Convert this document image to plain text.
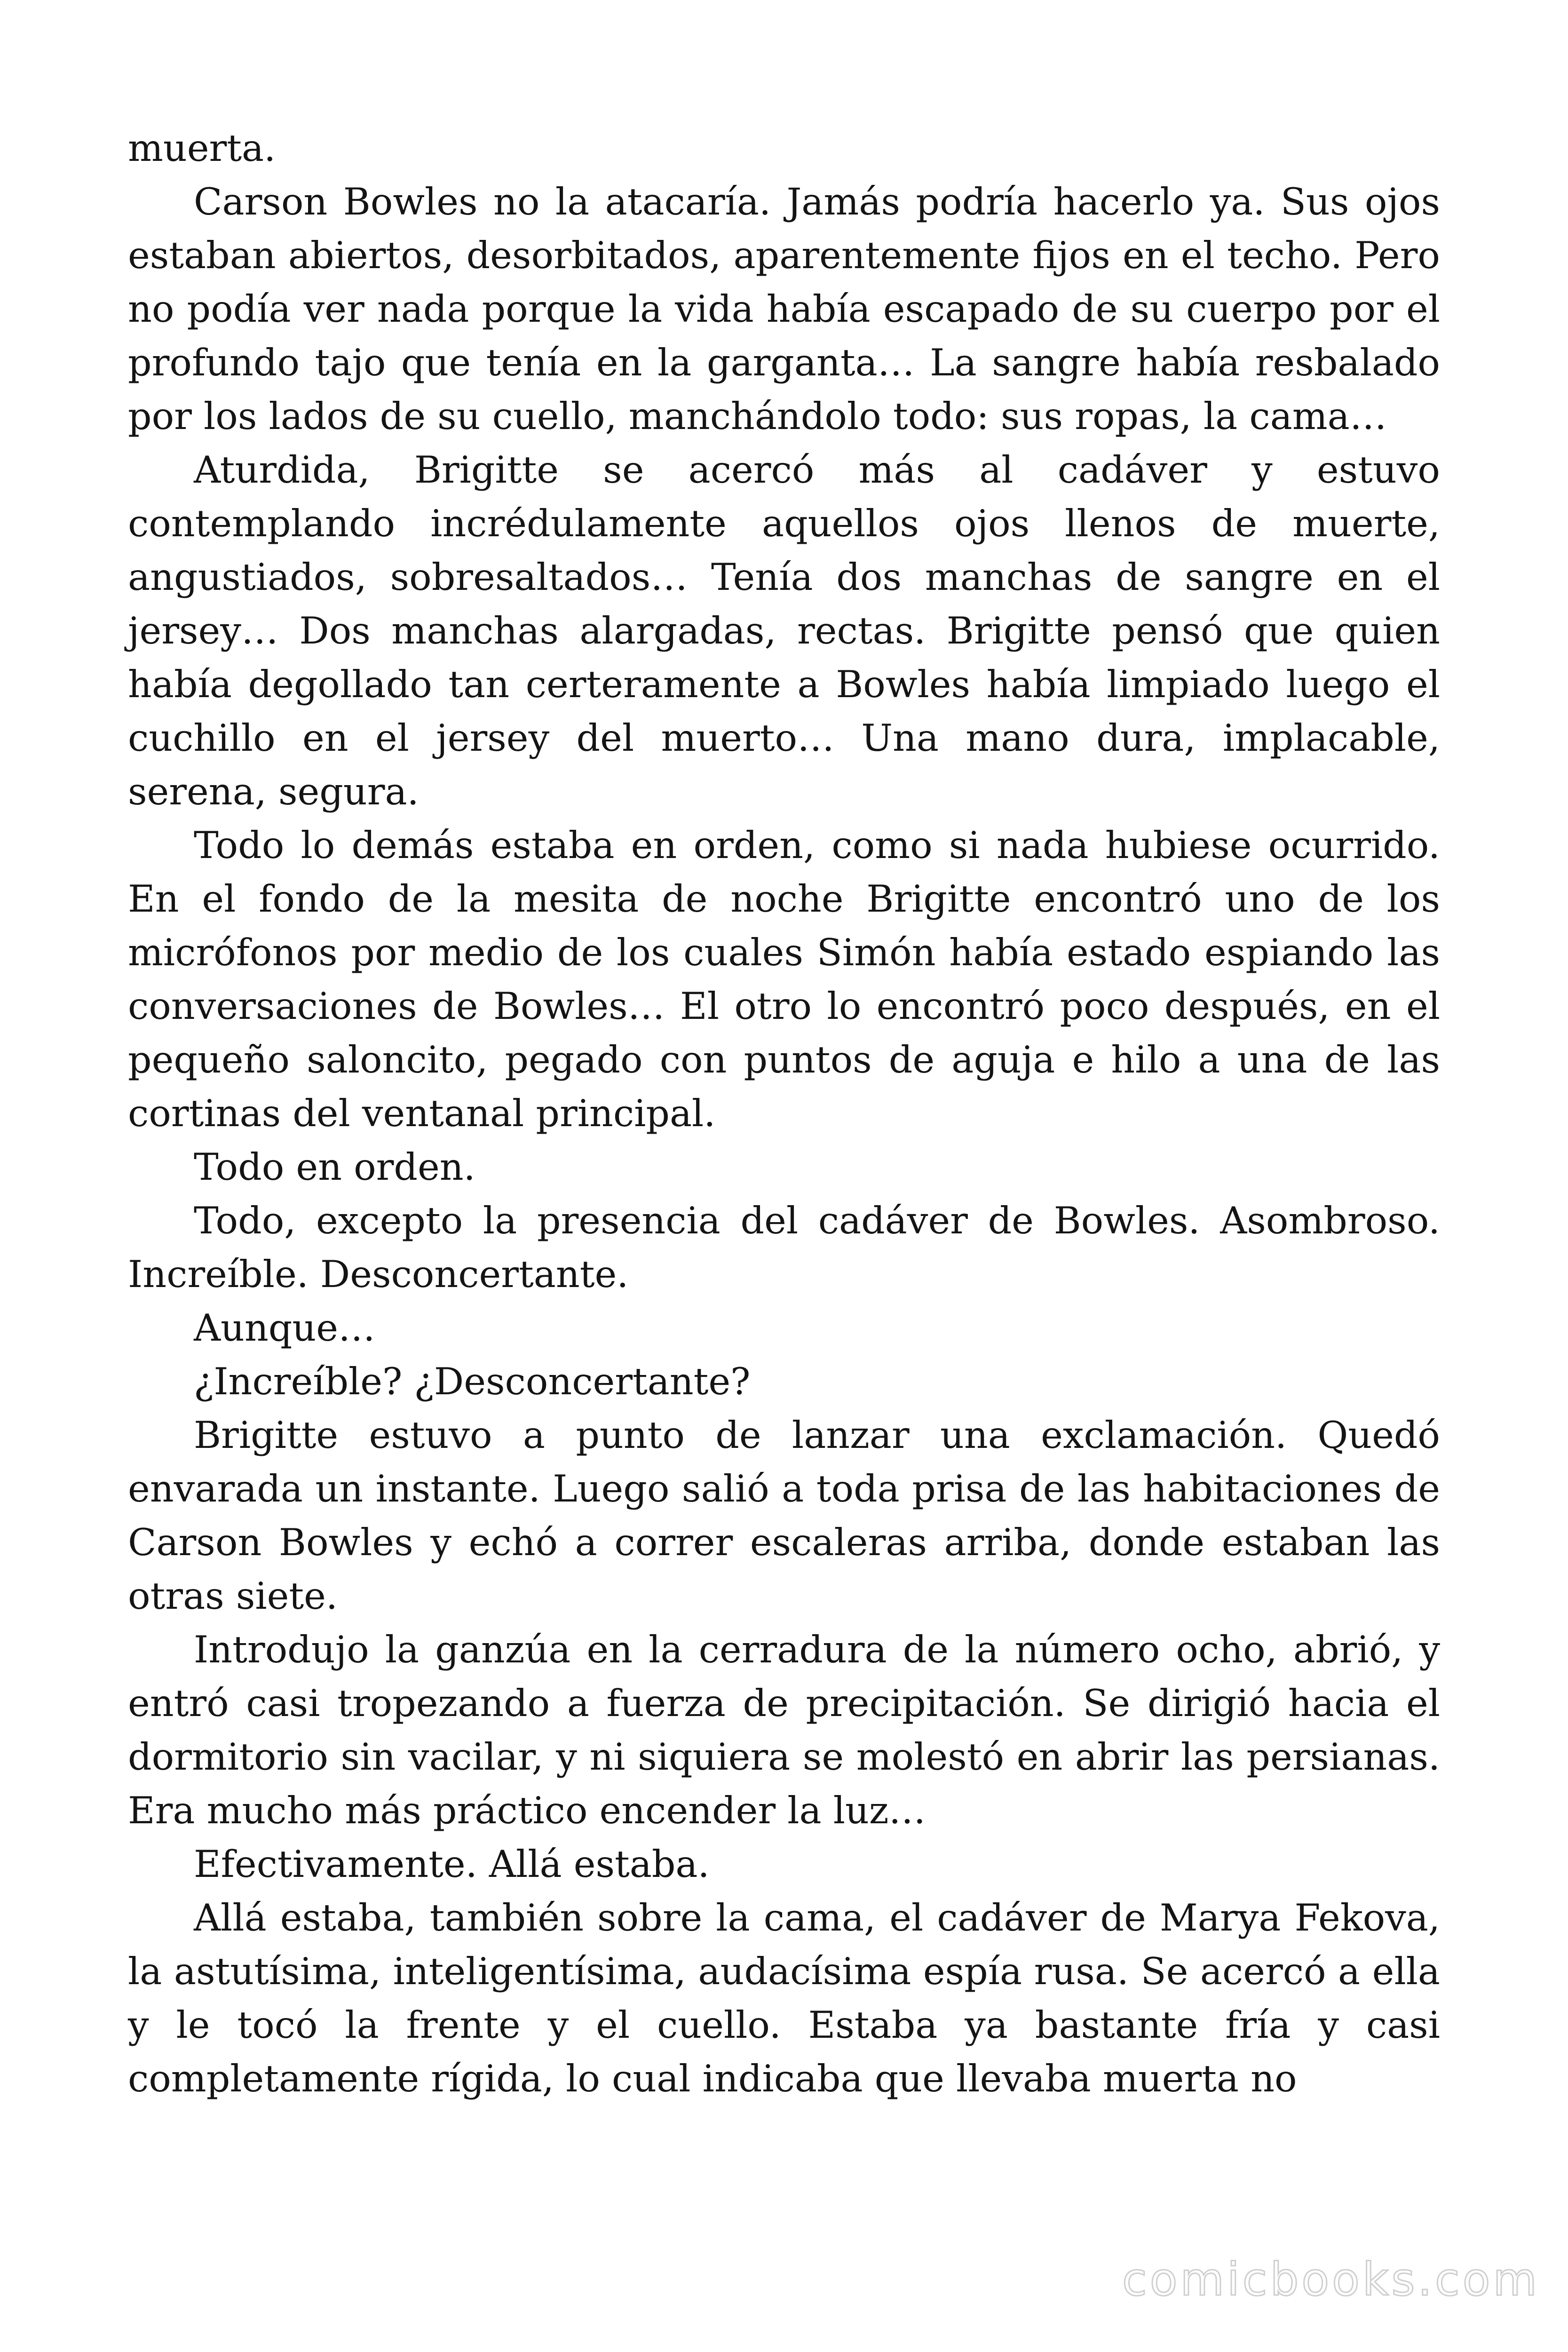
muerta.

Carson Bowles no la atacaría. Jamás podría hacerlo ya. Sus ojos estaban abiertos, desorbitados, aparentemente fijos en el techo. Pero no podía ver nada porque la vida había escapado de su cuerpo por el profundo tajo que tenía en la garganta… La sangre había resbalado por los lados de su cuello, manchándolo todo: sus ropas, la cama…

Aturdida, Brigitte se acercó más al cadáver y estuvo contemplando incrédulamente aquellos ojos llenos de muerte, angustiados, sobresaltados… Tenía dos manchas de sangre en el jersey… Dos manchas alargadas, rectas. Brigitte pensó que quien había degollado tan certeramente a Bowles había limpiado luego el cuchillo en el jersey del muerto… Una mano dura, implacable, serena, segura.

Todo lo demás estaba en orden, como si nada hubiese ocurrido. En el fondo de la mesita de noche Brigitte encontró uno de los micrófonos por medio de los cuales Simón había estado espiando las conversaciones de Bowles… El otro lo encontró poco después, en el pequeño saloncito, pegado con puntos de aguja e hilo a una de las cortinas del ventanal principal.

Todo en orden.

Todo, excepto la presencia del cadáver de Bowles. Asombroso. Increíble. Desconcertante.

Aunque…

¿Increíble? ¿Desconcertante?

Brigitte estuvo a punto de lanzar una exclamación. Quedó envarada un instante. Luego salió a toda prisa de las habitaciones de Carson Bowles y echó a correr escaleras arriba, donde estaban las otras siete.

Introdujo la ganzúa en la cerradura de la número ocho, abrió, y entró casi tropezando a fuerza de precipitación. Se dirigió hacia el dormitorio sin vacilar, y ni siquiera se molestó en abrir las persianas. Era mucho más práctico encender la luz…

Efectivamente. Allá estaba.

Allá estaba, también sobre la cama, el cadáver de Marya Fekova, la astutísima, inteligentísima, audacísima espía rusa. Se acercó a ella y le tocó la frente y el cuello. Estaba ya bastante fría y casi completamente rígida, lo cual indicaba que llevaba muerta no

comicbooks.com
